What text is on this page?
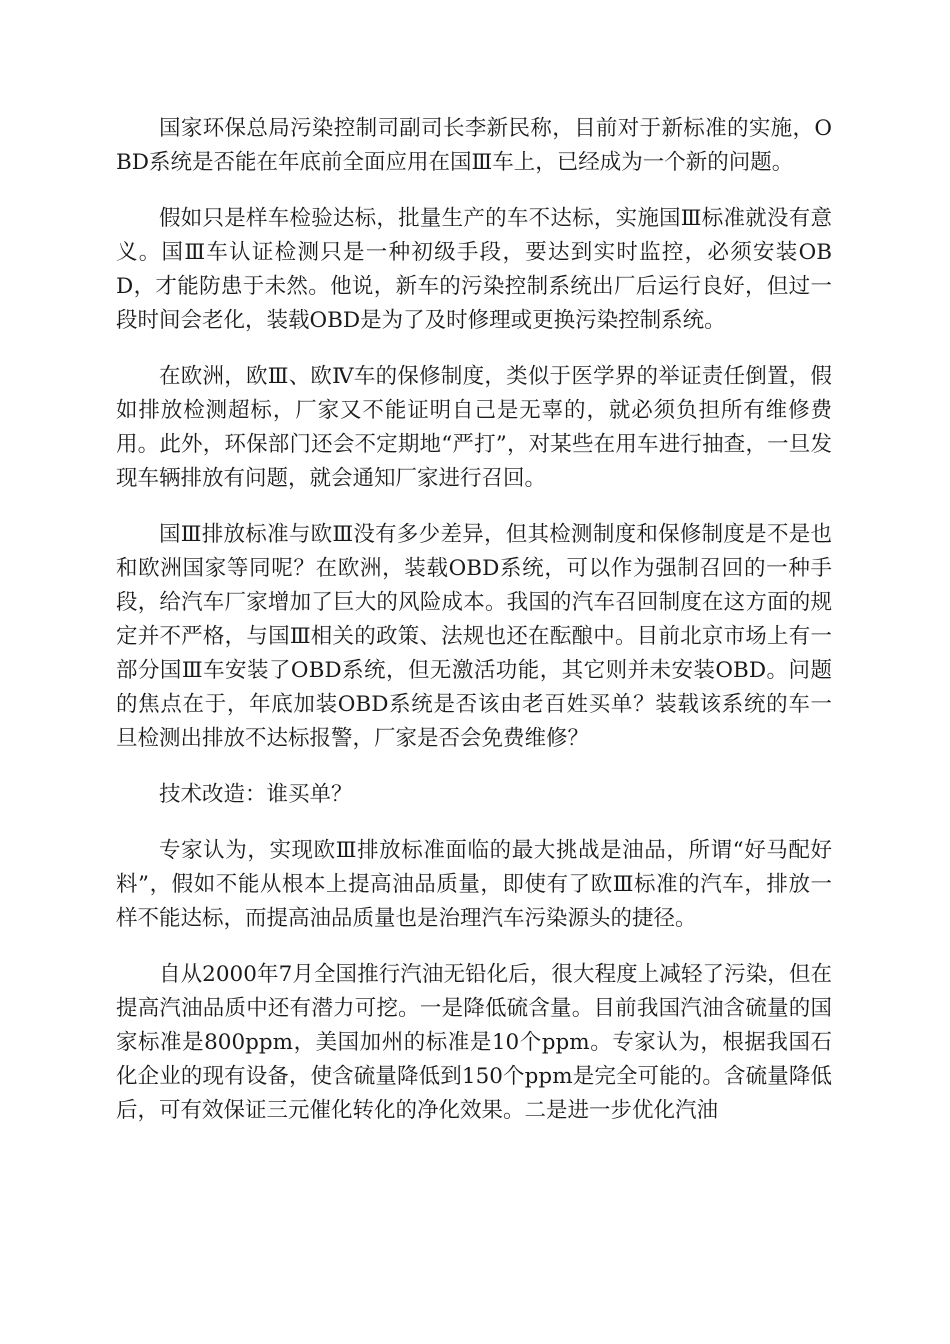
国家环保总局污染控制司副司长李新民称，目前对于新标准的实施，OBD系统是否能在年底前全面应用在国Ⅲ车上，已经成为一个新的问题。

假如只是样车检验达标，批量生产的车不达标，实施国Ⅲ标准就没有意义。国Ⅲ车认证检测只是一种初级手段，要达到实时监控，必须安装OBD，才能防患于未然。他说，新车的污染控制系统出厂后运行良好，但过一段时间会老化，装载OBD是为了及时修理或更换污染控制系统。

在欧洲，欧Ⅲ、欧Ⅳ车的保修制度，类似于医学界的举证责任倒置，假如排放检测超标，厂家又不能证明自己是无辜的，就必须负担所有维修费用。此外，环保部门还会不定期地“严打”，对某些在用车进行抽查，一旦发现车辆排放有问题，就会通知厂家进行召回。

国Ⅲ排放标准与欧Ⅲ没有多少差异，但其检测制度和保修制度是不是也和欧洲国家等同呢？在欧洲，装载OBD系统，可以作为强制召回的一种手段，给汽车厂家增加了巨大的风险成本。我国的汽车召回制度在这方面的规定并不严格，与国Ⅲ相关的政策、法规也还在酝酿中。目前北京市场上有一部分国Ⅲ车安装了OBD系统，但无激活功能，其它则并未安装OBD。问题的焦点在于，年底加装OBD系统是否该由老百姓买单？装载该系统的车一旦检测出排放不达标报警，厂家是否会免费维修？

技术改造：谁买单？

专家认为，实现欧Ⅲ排放标准面临的最大挑战是油品，所谓“好马配好料”，假如不能从根本上提高油品质量，即使有了欧Ⅲ标准的汽车，排放一样不能达标，而提高油品质量也是治理汽车污染源头的捷径。

自从2000年7月全国推行汽油无铅化后，很大程度上减轻了污染，但在提高汽油品质中还有潜力可挖。一是降低硫含量。目前我国汽油含硫量的国家标准是800ppm，美国加州的标准是10个ppm。专家认为，根据我国石化企业的现有设备，使含硫量降低到150个ppm是完全可能的。含硫量降低后，可有效保证三元催化转化的净化效果。二是进一步优化汽油
